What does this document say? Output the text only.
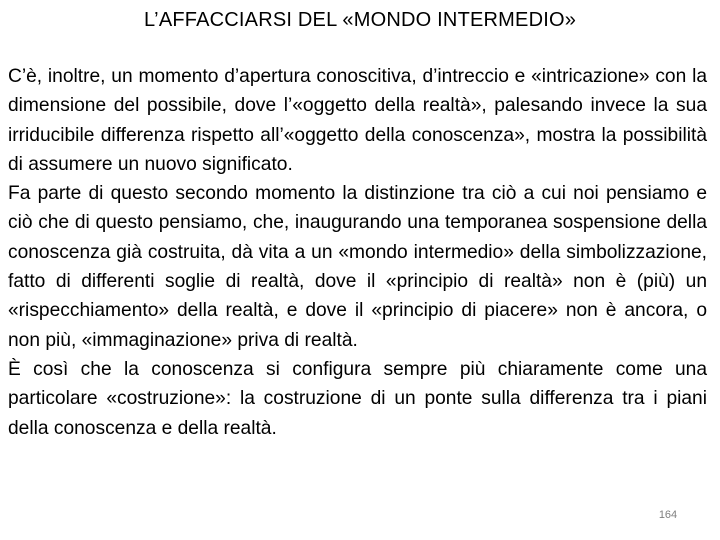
L’AFFACCIARSI DEL «MONDO INTERMEDIO»

C’è, inoltre, un momento d’apertura conoscitiva, d’intreccio e «intricazione» con la dimensione del possibile, dove l’«oggetto della realtà», palesando invece la sua irriducibile differenza rispetto all’«oggetto della conoscenza», mostra la possibilità di assumere un nuovo significato.

Fa parte di questo secondo momento la distinzione tra ciò a cui noi pensiamo e ciò che di questo pensiamo, che, inaugurando una temporanea sospensione della conoscenza già costruita, dà vita a un «mondo intermedio» della simbolizzazione, fatto di differenti soglie di realtà, dove il «principio di realtà» non è (più) un «rispecchiamento» della realtà, e dove il «principio di piacere» non è ancora, o non più, «immaginazione» priva di realtà.

È così che la conoscenza si configura sempre più chiaramente come una particolare «costruzione»: la costruzione di un ponte sulla differenza tra i piani della conoscenza e della realtà.

164
